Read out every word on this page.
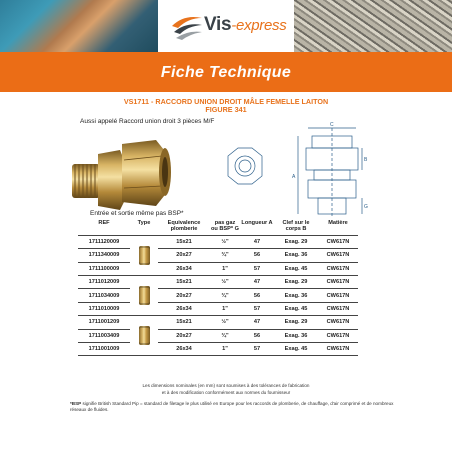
Vis-express
Fiche Technique
VS1711 - RACCORD UNION DROIT MÂLE FEMELLE LAITON
FIGURE 341
Aussi appelé Raccord union droit 3 pièces M/F	C
B
A
G
Entrée et sortie même pas BSP*
REF	Type	Equivalence plomberie	pas gaz ou BSP* G	Longueur A	Clef sur le corps B	Matière
1711120009		15x21	½"	47	Exag. 29	CW617N
1711340009		20x27	¾"	56	Exag. 36	CW617N
1711100009		26x34	1"	57	Exag. 45	CW617N
1711012009		15x21	½"	47	Exag. 29	CW617N
1711034009		20x27	¾"	56	Exag. 36	CW617N
1711010009		26x34	1"	57	Exag. 45	CW617N
1711001209		15x21	½"	47	Exag. 29	CW617N
1711003409		20x27	¾"	56	Exag. 36	CW617N
1711001009		26x34	1"	57	Exag. 45	CW617N
Les dimensions nominales (en mm) sont soumises à des tolérances de fabrication
et à des modification conformément aux normes du fournisseur
*BSP signifie British Standard Pip = standard de filetage le plus utilisé en Europe pour les raccords de plomberie, de chauffage, d'air comprimé et de nombreux réseaux de fluides.
